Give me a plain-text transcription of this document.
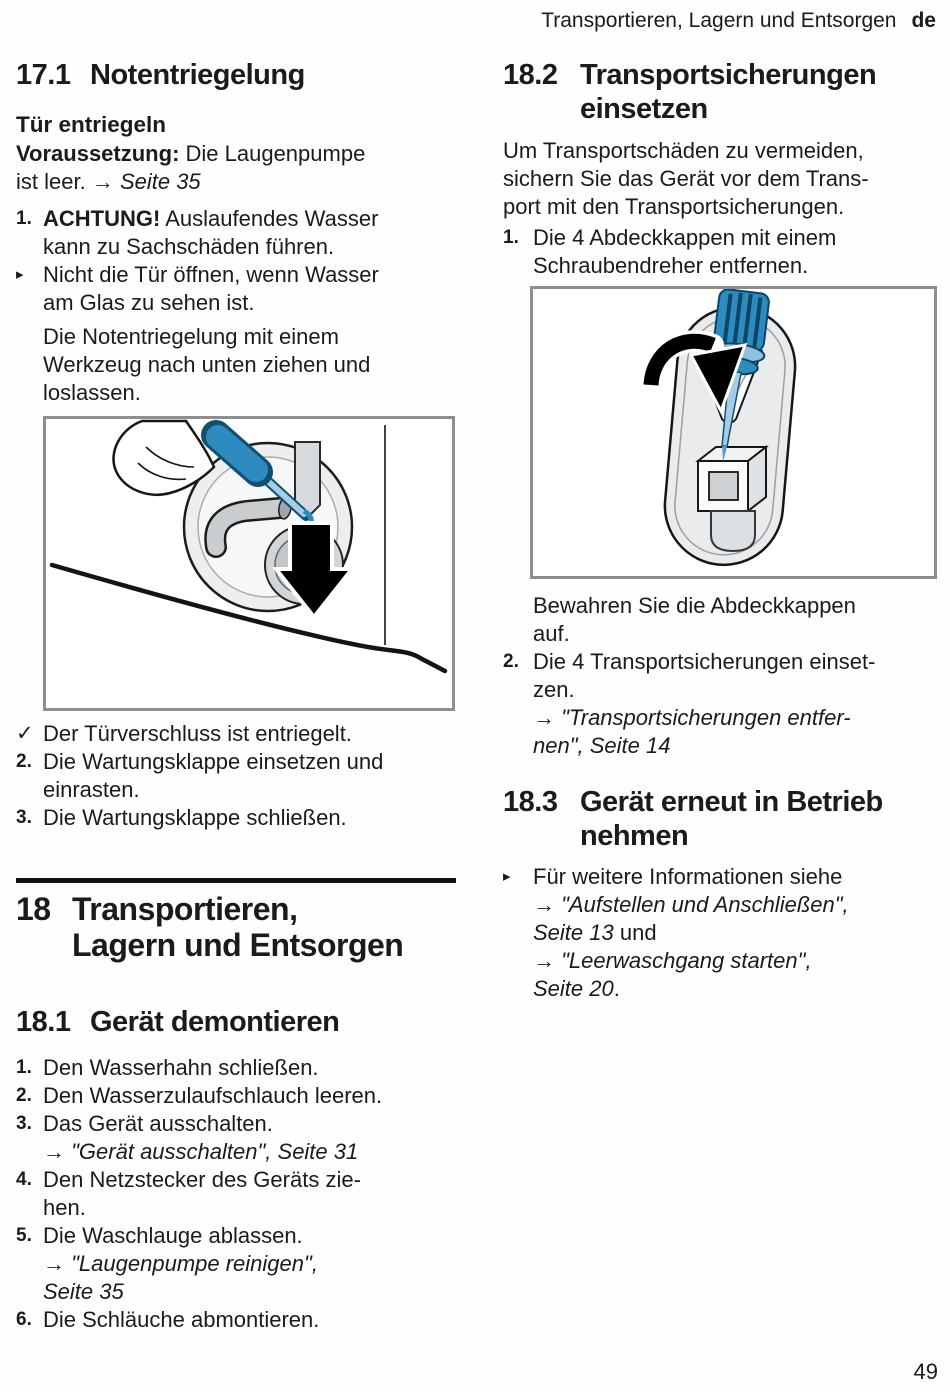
Transportieren, Lagern und Entsorgen de
17.1 Notentriegelung
Tür entriegeln
Voraussetzung: Die Laugenpumpe
ist leer. → Seite 35
1. ACHTUNG! Auslaufendes Wasser
kann zu Sachschäden führen.
▸ Nicht die Tür öffnen, wenn Wasser
am Glas zu sehen ist.
Die Notentriegelung mit einem
Werkzeug nach unten ziehen und
loslassen.
✓ Der Türverschluss ist entriegelt.
2. Die Wartungsklappe einsetzen und
einrasten.
3. Die Wartungsklappe schließen.
18 Transportieren,
Lagern und Entsorgen
18.1 Gerät demontieren
1. Den Wasserhahn schließen.
2. Den Wasserzulaufschlauch leeren.
3. Das Gerät ausschalten.
→ "Gerät ausschalten", Seite 31
4. Den Netzstecker des Geräts zie-
hen.
5. Die Waschlauge ablassen.
→ "Laugenpumpe reinigen",
Seite 35
6. Die Schläuche abmontieren.
18.2 Transportsicherungen
einsetzen
Um Transportschäden zu vermeiden,
sichern Sie das Gerät vor dem Trans-
port mit den Transportsicherungen.
1. Die 4 Abdeckkappen mit einem
Schraubendreher entfernen.
Bewahren Sie die Abdeckkappen
auf.
2. Die 4 Transportsicherungen einset-
zen.
→ "Transportsicherungen entfer-
nen", Seite 14
18.3 Gerät erneut in Betrieb
nehmen
▸	Für weitere Informationen siehe
→ "Aufstellen und Anschließen",
Seite 13 und
→ "Leerwaschgang starten",
Seite 20.
49
